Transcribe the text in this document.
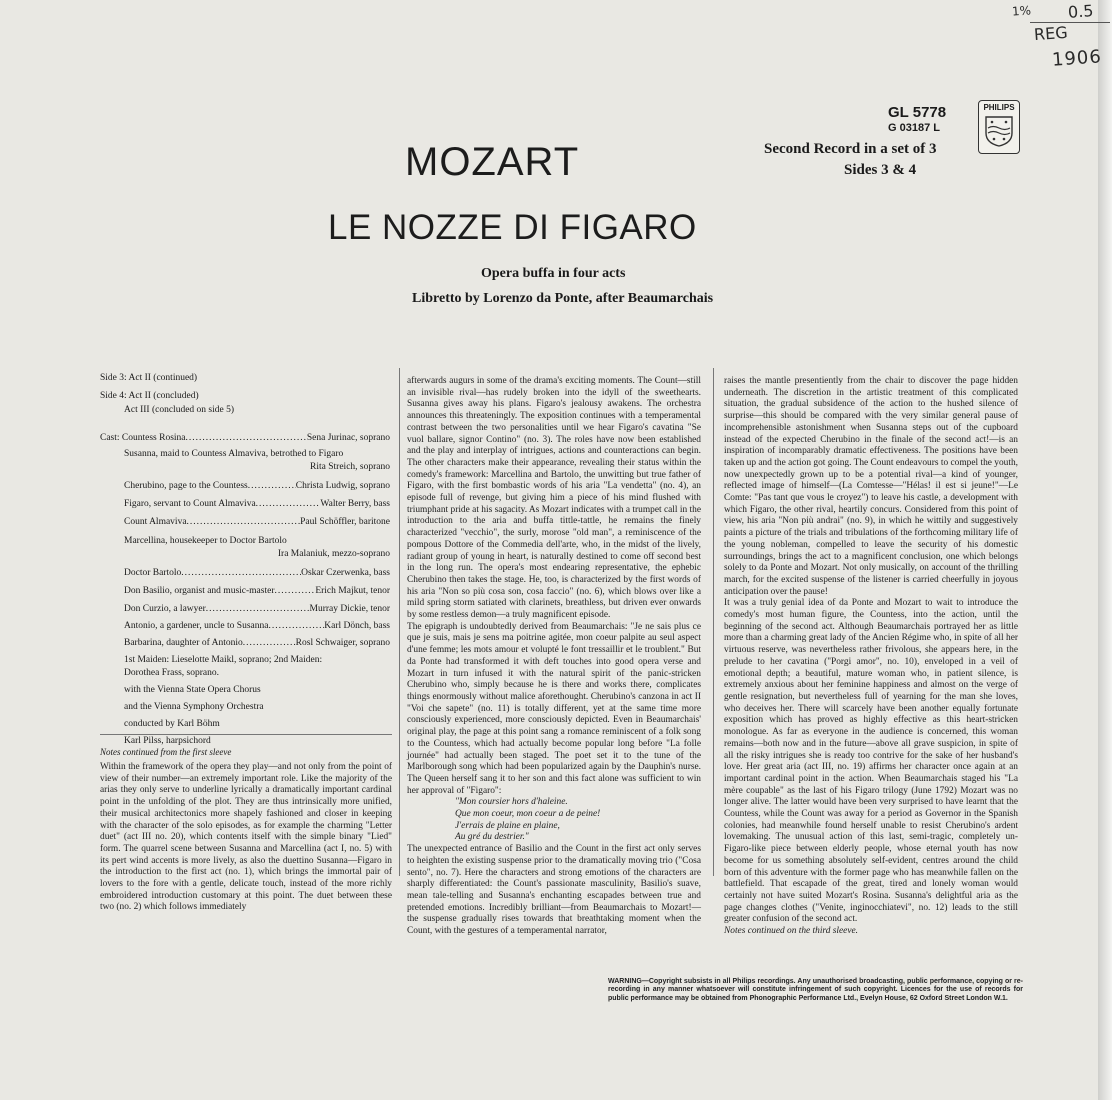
1% 0.5
REG
1906
GL 5778
G 03187 L
Second Record in a set of 3
Sides 3 & 4
PHILIPS
MOZART
LE NOZZE DI FIGARO
Opera buffa in four acts
Libretto by Lorenzo da Ponte, after Beaumarchais
Side 3: Act II (continued)
Side 4: Act II (concluded)
Act III (concluded on side 5)
Cast: Countess Rosina .....	Sena Jurinac, soprano
Susanna, maid to Countess Almaviva, betrothed to Figaro
Rita Streich, soprano
Cherubino, page to the Countess .....	Christa Ludwig, soprano
Figaro, servant to Count Almaviva .....	Walter Berry, bass
Count Almaviva .....	Paul Schöffler, baritone
Marcellina, housekeeper to Doctor Bartolo
Ira Malaniuk, mezzo-soprano
Doctor Bartolo .....	Oskar Czerwenka, bass
Don Basilio, organist and music-master .....	Erich Majkut, tenor
Don Curzio, a lawyer .....	Murray Dickie, tenor
Antonio, a gardener, uncle to Susanna .....	Karl Dönch, bass
Barbarina, daughter of Antonio .....	Rosl Schwaiger, soprano
1st Maiden: Lieselotte Maikl, soprano; 2nd Maiden:
Dorothea Frass, soprano.
with the Vienna State Opera Chorus
and the Vienna Symphony Orchestra
conducted by Karl Böhm
Karl Pilss, harpsichord
Notes continued from the first sleeve

Within the framework of the opera they play—and not only from the point of view of their number—an extremely important role. Like the majority of the arias they only serve to underline lyrically a dramatically important cardinal point in the unfolding of the plot. They are thus intrinsically more unified, their musical architectonics more shapely fashioned and closer in keeping with the character of the solo episodes, as for example the charming "Letter duet" (act III no. 20), which contents itself with the simple binary "Lied" form. The quarrel scene between Susanna and Marcellina (act I, no. 5) with its pert wind accents is more lively, as also the duettino Susanna—Figaro in the introduction to the first act (no. 1), which brings the immortal pair of lovers to the fore with a gentle, delicate touch, instead of the more richly embroidered introduction customary at this point. The duet between these two (no. 2) which follows immediately

afterwards augurs in some of the drama's exciting moments. The Count—still an invisible rival—has rudely broken into the idyll of the sweethearts. Susanna gives away his plans. Figaro's jealousy awakens. The orchestra announces this threateningly. The exposition continues with a temperamental contrast between the two personalities until we hear Figaro's cavatina "Se vuol ballare, signor Contino" (no. 3). The roles have now been established and the play and interplay of intrigues, actions and counteractions can begin. The other characters make their appearance, revealing their status within the comedy's framework: Marcellina and Bartolo, the unwitting but true father of Figaro, with the first bombastic words of his aria "La vendetta" (no. 4), an episode full of revenge, but giving him a piece of his mind flushed with triumphant pride at his sagacity. As Mozart indicates with a trumpet call in the introduction to the aria and buffa tittle-tattle, he remains the finely characterized "vecchio", the surly, morose "old man", a reminiscence of the pompous Dottore of the Commedia dell'arte, who, in the midst of the lively, radiant group of young in heart, is naturally destined to come off second best in the long run. The opera's most endearing representative, the ephebic Cherubino then takes the stage. He, too, is characterized by the first words of his aria "Non so più cosa son, cosa faccio" (no. 6), which blows over like a mild spring storm satiated with clarinets, breathless, but driven ever onwards by some restless demon—a truly magnificent episode.

The epigraph is undoubtedly derived from Beaumarchais: "Je ne sais plus ce que je suis, mais je sens ma poitrine agitée, mon coeur palpite au seul aspect d'une femme; les mots amour et volupté le font tressaillir et le troublent." But da Ponte had transformed it with deft touches into good opera verse and Mozart in turn infused it with the natural spirit of the panic-stricken Cherubino who, simply because he is there and works there, complicates things enormously without malice aforethought. Cherubino's canzona in act II "Voi che sapete" (no. 11) is totally different, yet at the same time more consciously experienced, more consciously depicted. Even in Beaumarchais' original play, the page at this point sang a romance reminiscent of a folk song to the Countess, which had actually become popular long before "La folle journée" had actually been staged. The poet set it to the tune of the Marlborough song which had been popularized again by the Dauphin's nurse. The Queen herself sang it to her son and this fact alone was sufficient to win her approval of "Figaro":

"Mon coursier hors d'haleine.

Que mon coeur, mon coeur a de peine!

J'errais de plaine en plaine,

Au gré du destrier."

The unexpected entrance of Basilio and the Count in the first act only serves to heighten the existing suspense prior to the dramatically moving trio ("Cosa sento", no. 7). Here the characters and strong emotions of the characters are sharply differentiated: the Count's passionate masculinity, Basilio's suave, mean tale-telling and Susanna's enchanting escapades between true and pretended emotions. Incredibly brilliant—from Beaumarchais to Mozart!—the suspense gradually rises towards that breathtaking moment when the Count, with the gestures of a temperamental narrator,

raises the mantle presentiently from the chair to discover the page hidden underneath. The discretion in the artistic treatment of this complicated situation, the gradual subsidence of the action to the hushed silence of surprise—this should be compared with the very similar general pause of incomprehensible astonishment when Susanna steps out of the cupboard instead of the expected Cherubino in the finale of the second act!—is an inspiration of incomparably dramatic effectiveness. The positions have been taken up and the action got going. The Count endeavours to compel the youth, now unexpectedly grown up to be a potential rival—a kind of younger, reflected image of himself—(La Comtesse—"Hélas! il est si jeune!"—Le Comte: "Pas tant que vous le croyez") to leave his castle, a development with which Figaro, the other rival, heartily concurs. Considered from this point of view, his aria "Non più andrai" (no. 9), in which he wittily and suggestively paints a picture of the trials and tribulations of the forthcoming military life of the young nobleman, compelled to leave the security of his domestic surroundings, brings the act to a magnificent conclusion, one which belongs solely to da Ponte and Mozart. Not only musically, on account of the thrilling march, for the excited suspense of the listener is carried cheerfully in joyous anticipation over the pause!

It was a truly genial idea of da Ponte and Mozart to wait to introduce the comedy's most human figure, the Countess, into the action, until the beginning of the second act. Although Beaumarchais portrayed her as little more than a charming great lady of the Ancien Régime who, in spite of all her virtuous reserve, was nevertheless rather frivolous, she appears here, in the prelude to her cavatina ("Porgi amor", no. 10), enveloped in a veil of emotional depth; a beautiful, mature woman who, in patient silence, is extremely anxious about her feminine happiness and almost on the verge of gentle resignation, but nevertheless full of yearning for the man she loves, who deceives her. There will scarcely have been another equally fortunate exposition which has proved as highly effective as this heart-stricken monologue. As far as everyone in the audience is concerned, this woman remains—both now and in the future—above all grave suspicion, in spite of all the risky intrigues she is ready too contrive for the sake of her husband's love. Her great aria (act III, no. 19) affirms her character once again at an important cardinal point in the action. When Beaumarchais staged his "La mère coupable" as the last of his Figaro trilogy (June 1792) Mozart was no longer alive. The latter would have been very surprised to have learnt that the Countess, while the Count was away for a period as Governor in the Spanish colonies, had meanwhile found herself unable to resist Cherubino's ardent lovemaking. The unusual action of this last, semi-tragic, completely un-Figaro-like piece between elderly people, whose eternal youth has now become for us something absolutely self-evident, centres around the child born of this adventure with the former page who has meanwhile fallen on the battlefield. That escapade of the great, tired and lonely woman would certainly not have suited Mozart's Rosina. Susanna's delightful aria as the page changes clothes ("Venite, inginocchiatevi", no. 12) leads to the still greater confusion of the second act.

Notes continued on the third sleeve.

WARNING—Copyright subsists in all Philips recordings. Any unauthorised broadcasting, public performance, copying or re-recording in any manner whatsoever will constitute infringement of such copyright. Licences for the use of records for public performance may be obtained from Phonographic Performance Ltd., Evelyn House, 62 Oxford Street London W.1.
